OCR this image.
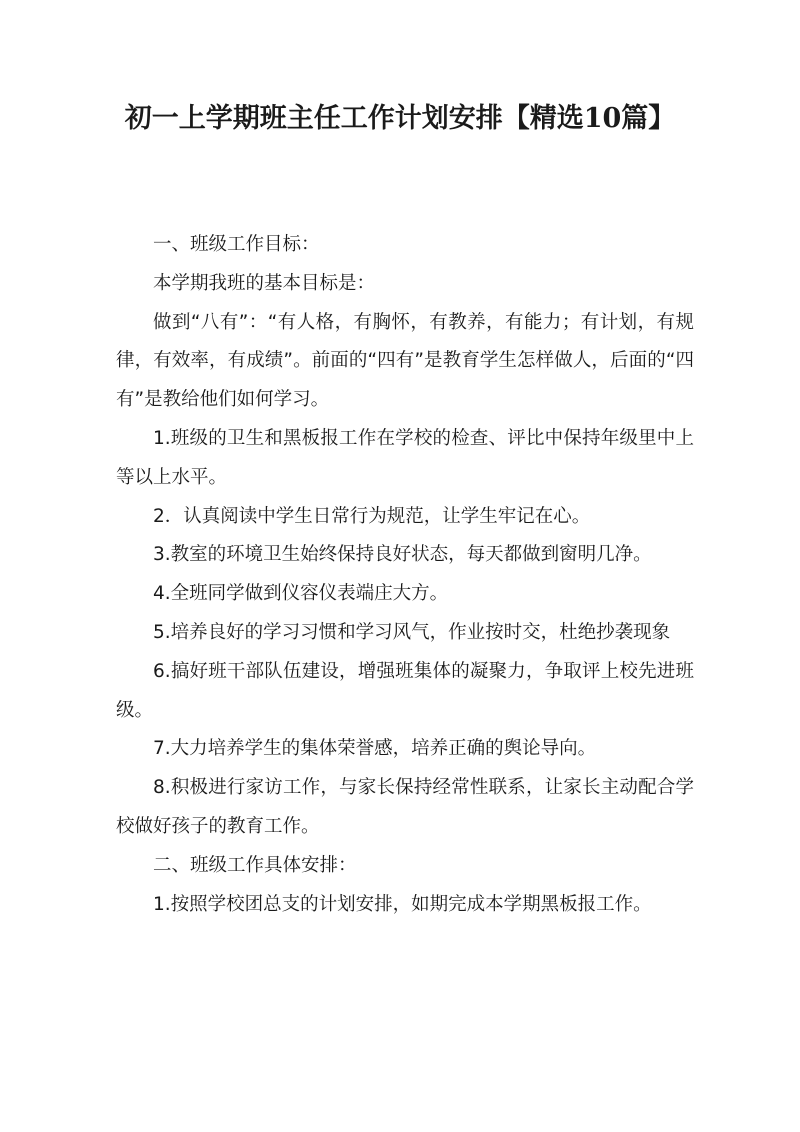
初一上学期班主任工作计划安排【精选10篇】

一、班级工作目标：

本学期我班的基本目标是：

做到“八有”：“有人格，有胸怀，有教养，有能力；有计划，有规律，有效率，有成绩”。前面的“四有”是教育学生怎样做人，后面的“四有”是教给他们如何学习。

1.班级的卫生和黑板报工作在学校的检查、评比中保持年级里中上等以上水平。

2．认真阅读中学生日常行为规范，让学生牢记在心。

3.教室的环境卫生始终保持良好状态，每天都做到窗明几净。

4.全班同学做到仪容仪表端庄大方。

5.培养良好的学习习惯和学习风气，作业按时交，杜绝抄袭现象

6.搞好班干部队伍建设，增强班集体的凝聚力，争取评上校先进班级。

7.大力培养学生的集体荣誉感，培养正确的舆论导向。

8.积极进行家访工作，与家长保持经常性联系，让家长主动配合学校做好孩子的教育工作。

二、班级工作具体安排：

1.按照学校团总支的计划安排，如期完成本学期黑板报工作。
